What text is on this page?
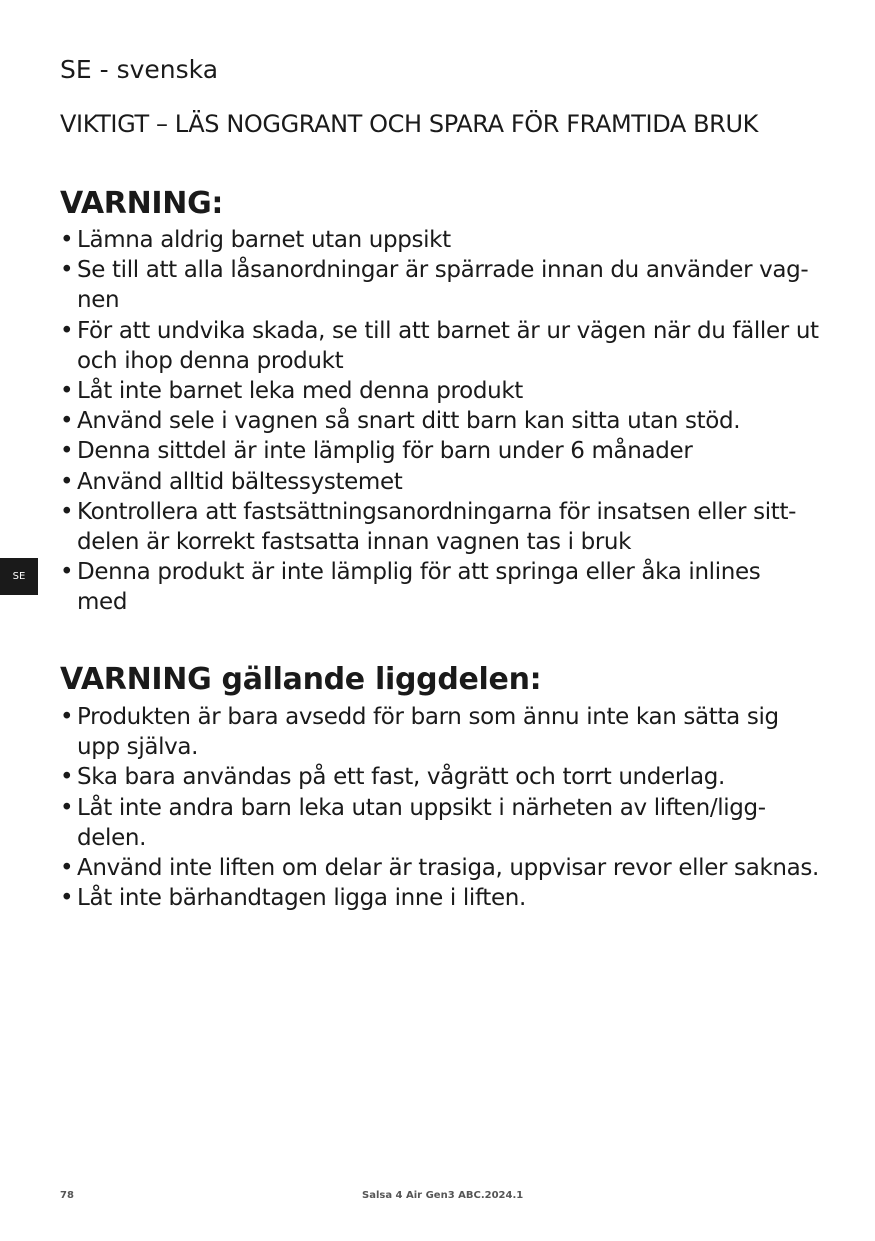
SE - svenska

VIKTIGT – LÄS NOGGRANT OCH SPARA FÖR FRAMTIDA BRUK

VARNING:
• Lämna aldrig barnet utan uppsikt
• Se till att alla låsanordningar är spärrade innan du använder vag-
nen
• För att undvika skada, se till att barnet är ur vägen när du fäller ut
och ihop denna produkt
• Låt inte barnet leka med denna produkt
• Använd sele i vagnen så snart ditt barn kan sitta utan stöd.
• Denna sittdel är inte lämplig för barn under 6 månader
• Använd alltid bältessystemet
• Kontrollera att fastsättningsanordningarna för insatsen eller sitt-
delen är korrekt fastsatta innan vagnen tas i bruk
• Denna produkt är inte lämplig för att springa eller åka inlines
med
SE
VARNING gällande liggdelen:
• Produkten är bara avsedd för barn som ännu inte kan sätta sig
upp själva.
• Ska bara användas på ett fast, vågrätt och torrt underlag.
• Låt inte andra barn leka utan uppsikt i närheten av liften/ligg-
delen.
• Använd inte liften om delar är trasiga, uppvisar revor eller saknas.
• Låt inte bärhandtagen ligga inne i liften.
78	Salsa 4 Air Gen3 ABC.2024.1
